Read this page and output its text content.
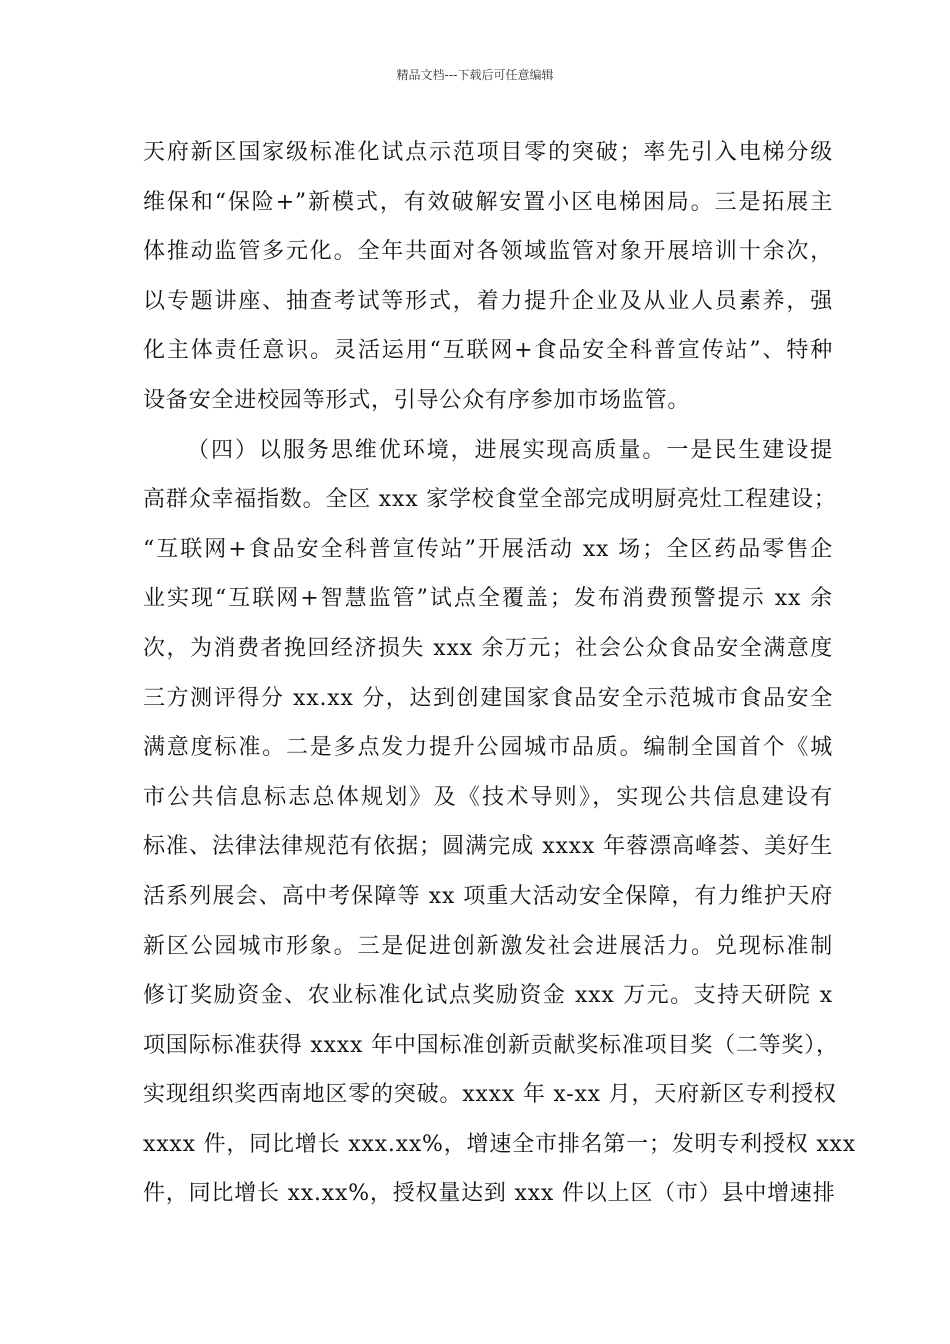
精品文档---下载后可任意编辑
天府新区国家级标准化试点示范项目零的突破；率先引入电梯分级
维保和“保险+”新模式，有效破解安置小区电梯困局。三是拓展主
体推动监管多元化。全年共面对各领域监管对象开展培训十余次，
以专题讲座、抽查考试等形式，着力提升企业及从业人员素养，强
化主体责任意识。灵活运用“互联网+食品安全科普宣传站”、特种
设备安全进校园等形式，引导公众有序参加市场监管。
（四）以服务思维优环境，进展实现高质量。一是民生建设提
高群众幸福指数。全区 xxx 家学校食堂全部完成明厨亮灶工程建设；
“互联网+食品安全科普宣传站”开展活动 xx 场；全区药品零售企
业实现“互联网+智慧监管”试点全覆盖；发布消费预警提示 xx 余
次，为消费者挽回经济损失 xxx 余万元；社会公众食品安全满意度
三方测评得分 xx.xx 分，达到创建国家食品安全示范城市食品安全
满意度标准。二是多点发力提升公园城市品质。编制全国首个《城
市公共信息标志总体规划》及《技术导则》，实现公共信息建设有
标准、法律法律规范有依据；圆满完成 xxxx 年蓉漂高峰荟、美好生
活系列展会、高中考保障等 xx 项重大活动安全保障，有力维护天府
新区公园城市形象。三是促进创新激发社会进展活力。兑现标准制
修订奖励资金、农业标准化试点奖励资金 xxx 万元。支持天研院 x
项国际标准获得 xxxx 年中国标准创新贡献奖标准项目奖（二等奖），
实现组织奖西南地区零的突破。xxxx 年 x-xx 月，天府新区专利授权
xxxx 件，同比增长 xxx.xx%，增速全市排名第一；发明专利授权 xxx
件，同比增长 xx.xx%，授权量达到 xxx 件以上区（市）县中增速排
